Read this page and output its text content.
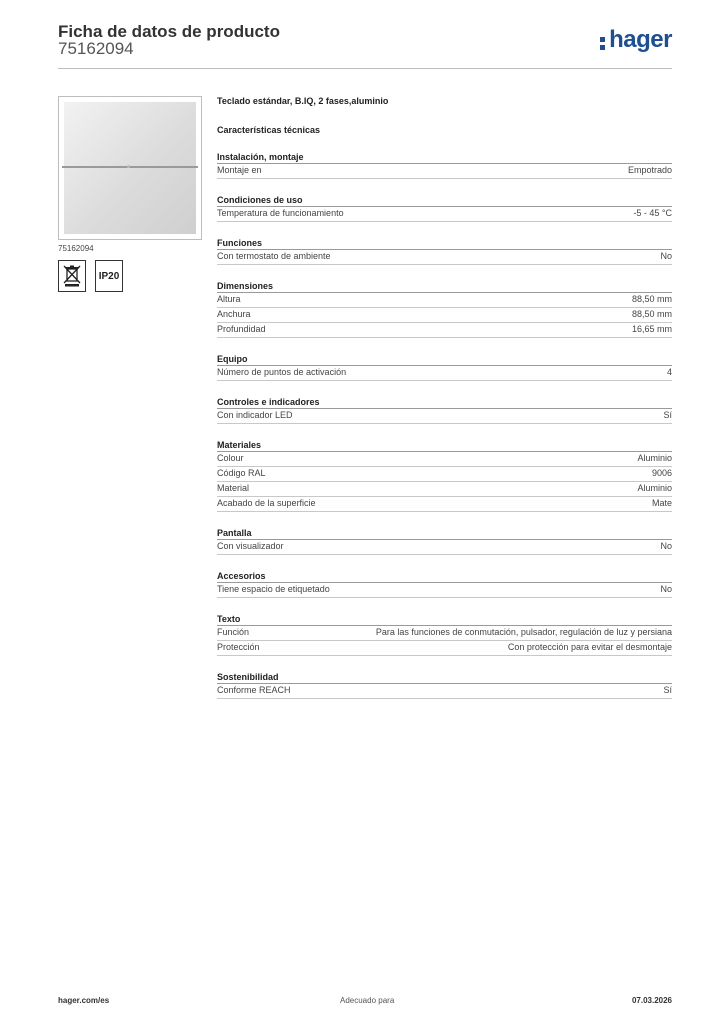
Ficha de datos de producto
75162094	hager
75162094
IP20
Teclado estándar, B.IQ, 2 fases,aluminio
Características técnicas
Instalación, montaje
Montaje en	Empotrado
Condiciones de uso
Temperatura de funcionamiento	-5 - 45 °C
Funciones
Con termostato de ambiente	No
Dimensiones
Altura	88,50 mm
Anchura	88,50 mm
Profundidad	16,65 mm
Equipo
Número de puntos de activación	4
Controles e indicadores
Con indicador LED	Sí
Materiales
Colour	Aluminio
Código RAL	9006
Material	Aluminio
Acabado de la superficie	Mate
Pantalla
Con visualizador	No
Accesorios
Tiene espacio de etiquetado	No
Texto
Función	Para las funciones de conmutación, pulsador, regulación de luz y persiana
Protección	Con protección para evitar el desmontaje
Sostenibilidad
Conforme REACH	Sí
hager.com/es	Adecuado para	07.03.2026
